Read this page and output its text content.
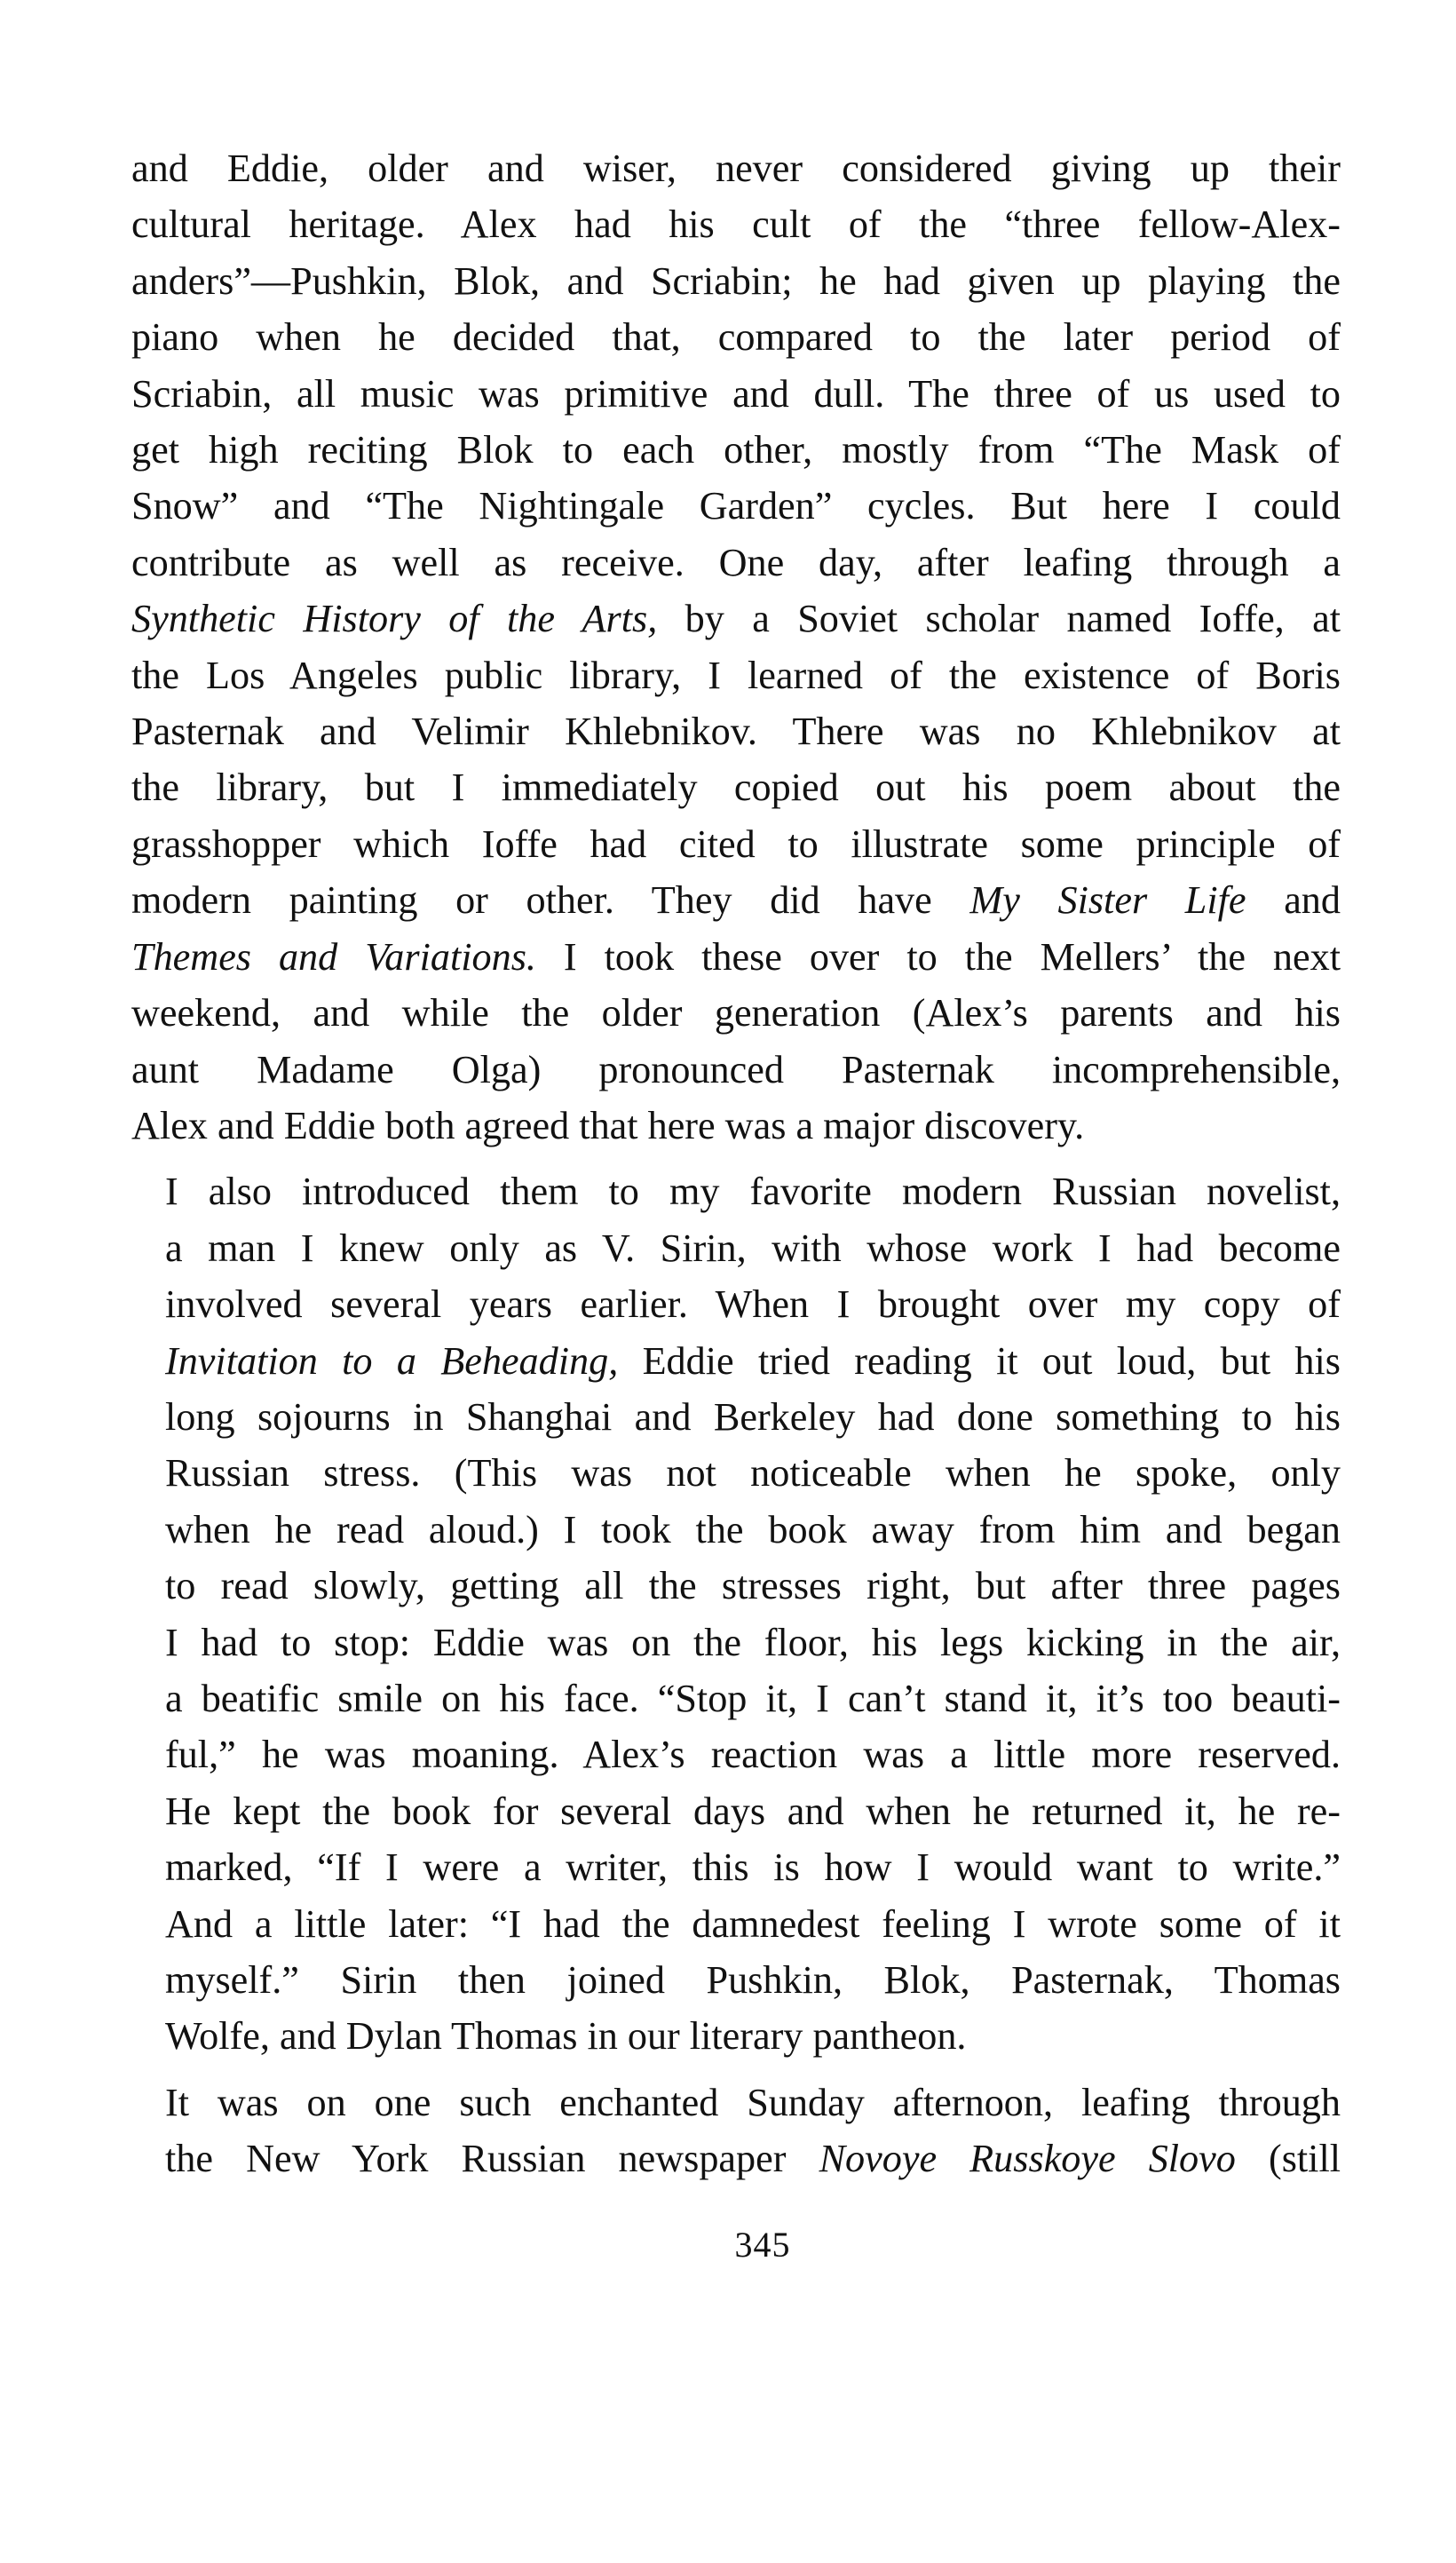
and Eddie, older and wiser, never considered giving up their
cultural heritage. Alex had his cult of the “three fellow-Alex-
anders”—Pushkin, Blok, and Scriabin; he had given up playing the
piano when he decided that, compared to the later period of
Scriabin, all music was primitive and dull. The three of us used to
get high reciting Blok to each other, mostly from “The Mask of
Snow” and “The Nightingale Garden” cycles. But here I could
contribute as well as receive. One day, after leafing through a
Synthetic History of the Arts, by a Soviet scholar named Ioffe, at
the Los Angeles public library, I learned of the existence of Boris
Pasternak and Velimir Khlebnikov. There was no Khlebnikov at
the library, but I immediately copied out his poem about the
grasshopper which Ioffe had cited to illustrate some principle of
modern painting or other. They did have My Sister Life and
Themes and Variations. I took these over to the Mellers’ the next
weekend, and while the older generation (Alex’s parents and his
aunt Madame Olga) pronounced Pasternak incomprehensible,
Alex and Eddie both agreed that here was a major discovery.

I also introduced them to my favorite modern Russian novelist,
a man I knew only as V. Sirin, with whose work I had become
involved several years earlier. When I brought over my copy of
Invitation to a Beheading, Eddie tried reading it out loud, but his
long sojourns in Shanghai and Berkeley had done something to his
Russian stress. (This was not noticeable when he spoke, only
when he read aloud.) I took the book away from him and began
to read slowly, getting all the stresses right, but after three pages
I had to stop: Eddie was on the floor, his legs kicking in the air,
a beatific smile on his face. “Stop it, I can’t stand it, it’s too beauti-
ful,” he was moaning. Alex’s reaction was a little more reserved.
He kept the book for several days and when he returned it, he re-
marked, “If I were a writer, this is how I would want to write.”
And a little later: “I had the damnedest feeling I wrote some of it
myself.” Sirin then joined Pushkin, Blok, Pasternak, Thomas
Wolfe, and Dylan Thomas in our literary pantheon.

It was on one such enchanted Sunday afternoon, leafing through
the New York Russian newspaper Novoye Russkoye Slovo (still

345
